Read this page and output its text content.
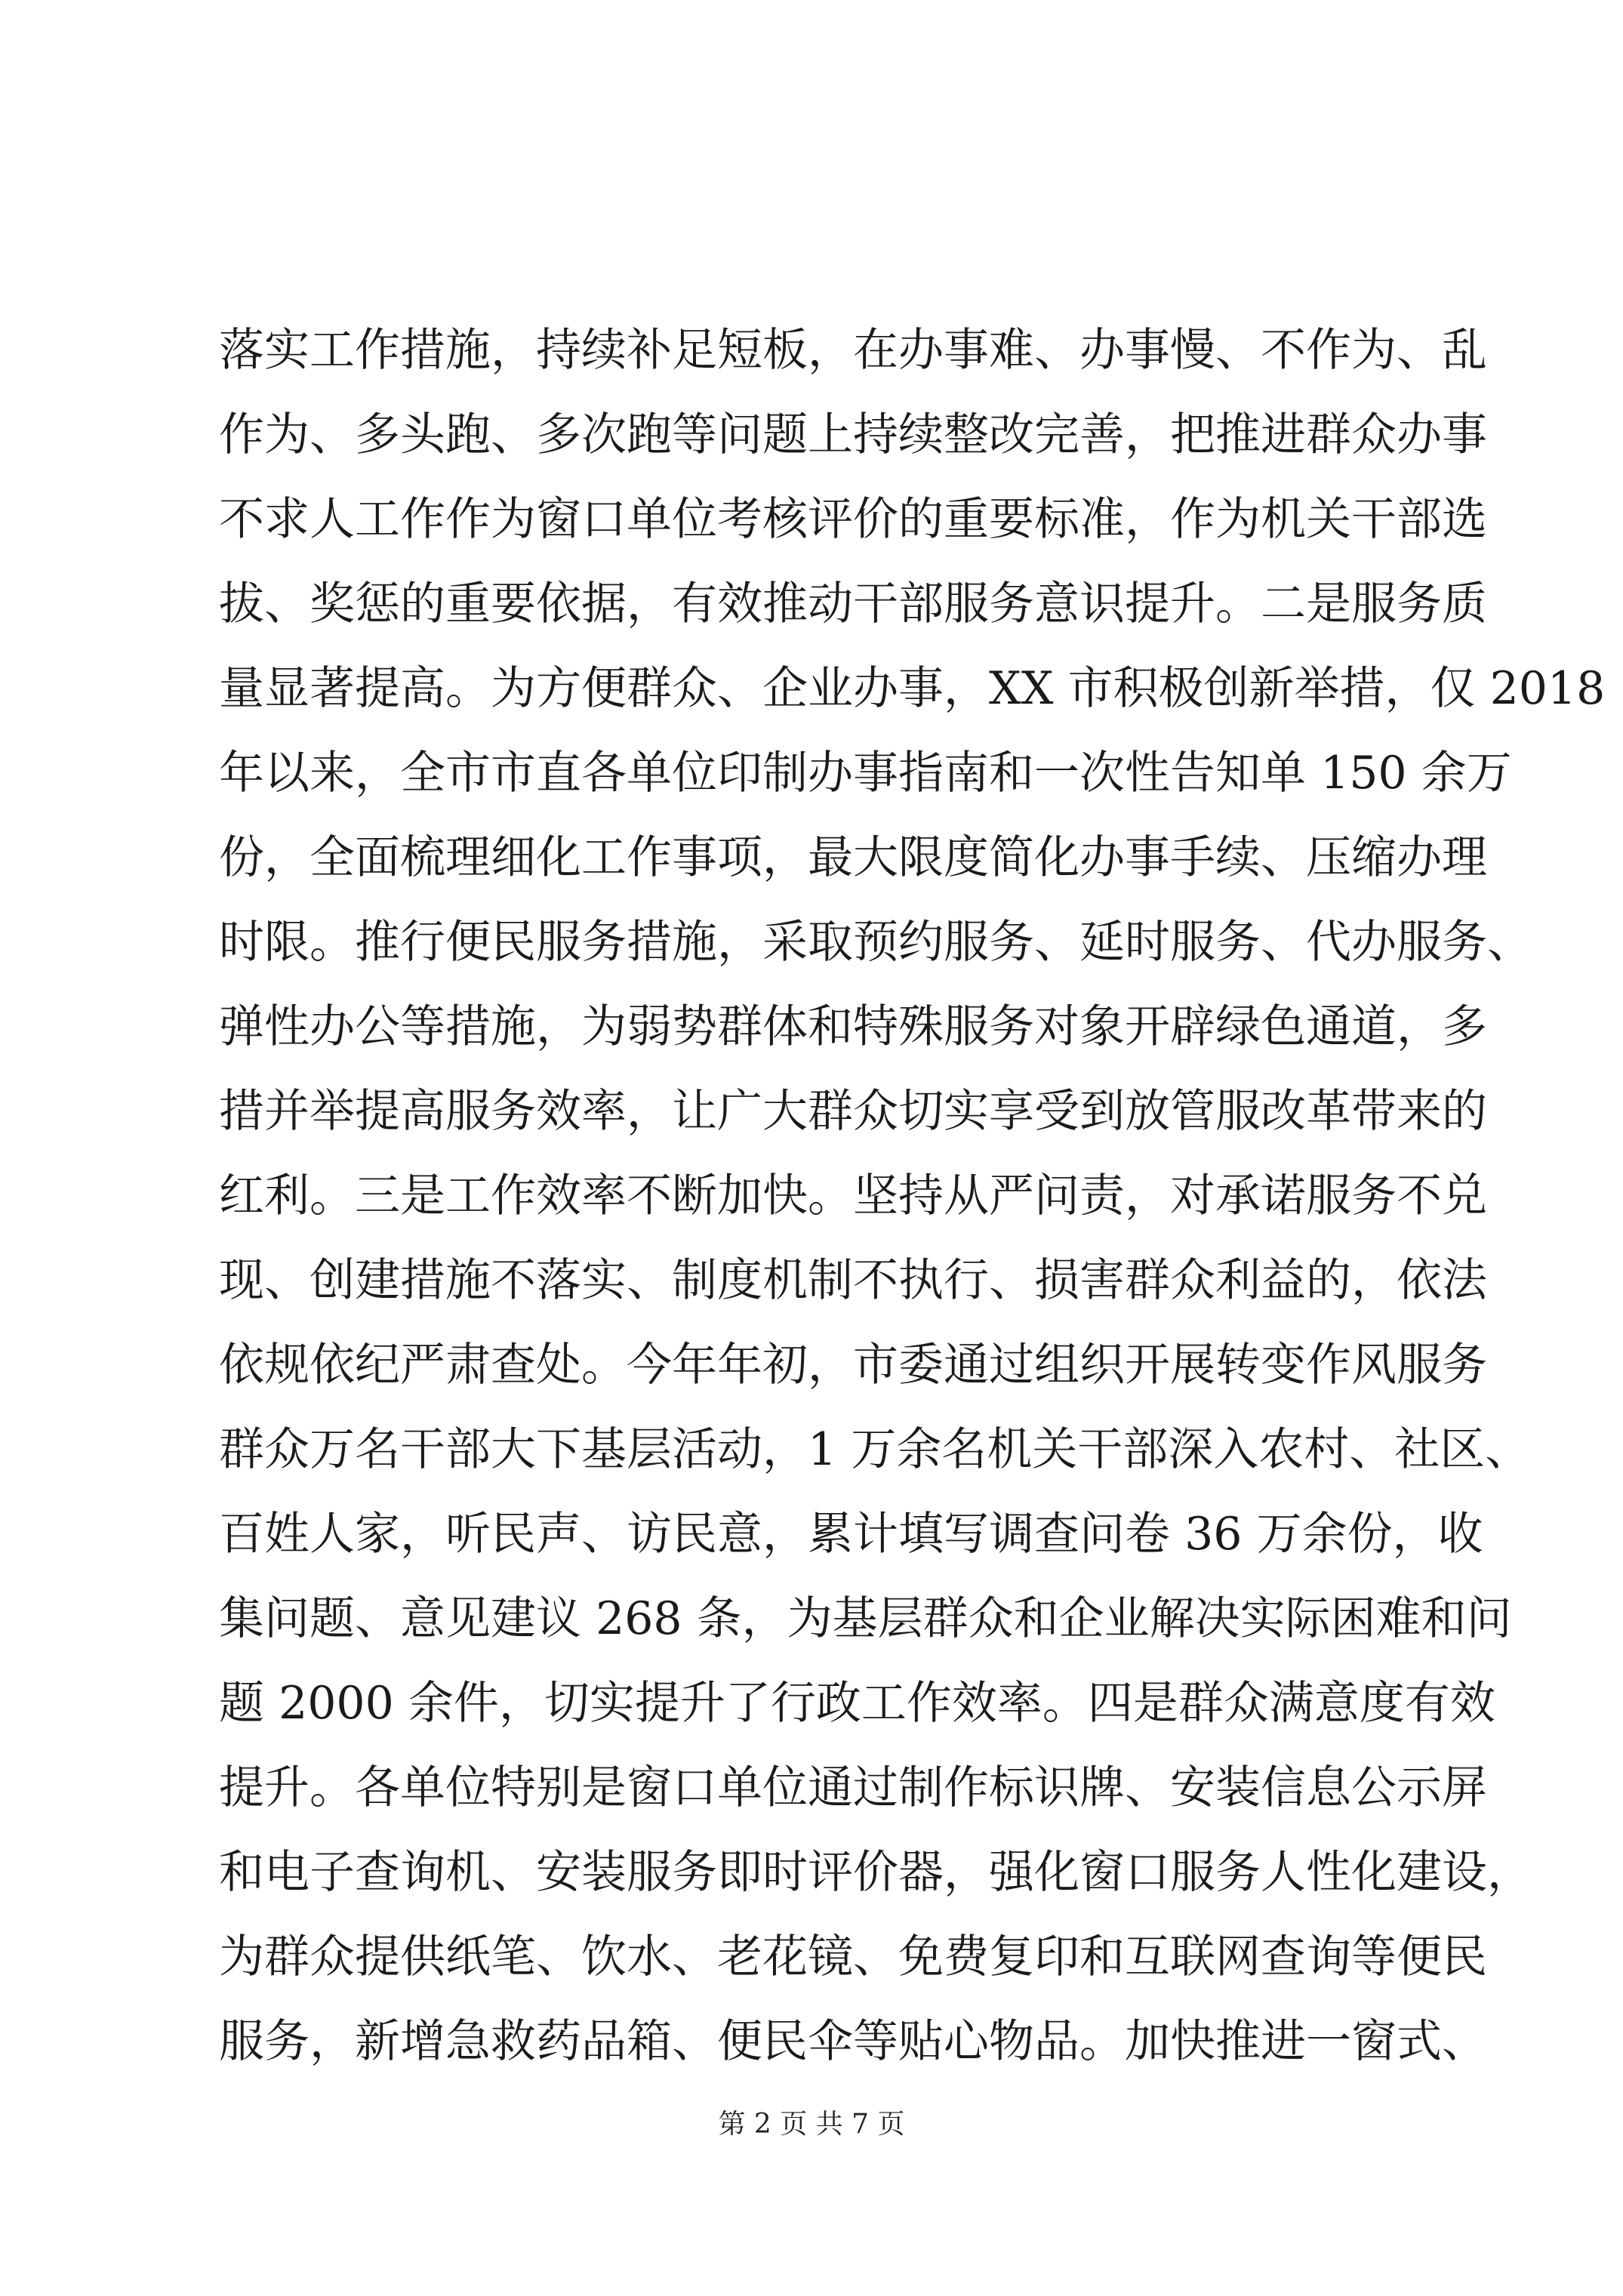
落实工作措施，持续补足短板，在办事难、办事慢、不作为、乱
作为、多头跑、多次跑等问题上持续整改完善，把推进群众办事
不求人工作作为窗口单位考核评价的重要标准，作为机关干部选
拔、奖惩的重要依据，有效推动干部服务意识提升。二是服务质
量显著提高。为方便群众、企业办事，XX 市积极创新举措，仅 2018
年以来，全市市直各单位印制办事指南和一次性告知单 150 余万
份，全面梳理细化工作事项，最大限度简化办事手续、压缩办理
时限。推行便民服务措施，采取预约服务、延时服务、代办服务、
弹性办公等措施，为弱势群体和特殊服务对象开辟绿色通道，多
措并举提高服务效率，让广大群众切实享受到放管服改革带来的
红利。三是工作效率不断加快。坚持从严问责，对承诺服务不兑
现、创建措施不落实、制度机制不执行、损害群众利益的，依法
依规依纪严肃查处。今年年初，市委通过组织开展转变作风服务
群众万名干部大下基层活动，1 万余名机关干部深入农村、社区、
百姓人家，听民声、访民意，累计填写调查问卷 36 万余份，收
集问题、意见建议 268 条，为基层群众和企业解决实际困难和问
题 2000 余件，切实提升了行政工作效率。四是群众满意度有效
提升。各单位特别是窗口单位通过制作标识牌、安装信息公示屏
和电子查询机、安装服务即时评价器，强化窗口服务人性化建设，
为群众提供纸笔、饮水、老花镜、免费复印和互联网查询等便民
服务，新增急救药品箱、便民伞等贴心物品。加快推进一窗式、
第 2 页 共 7 页
